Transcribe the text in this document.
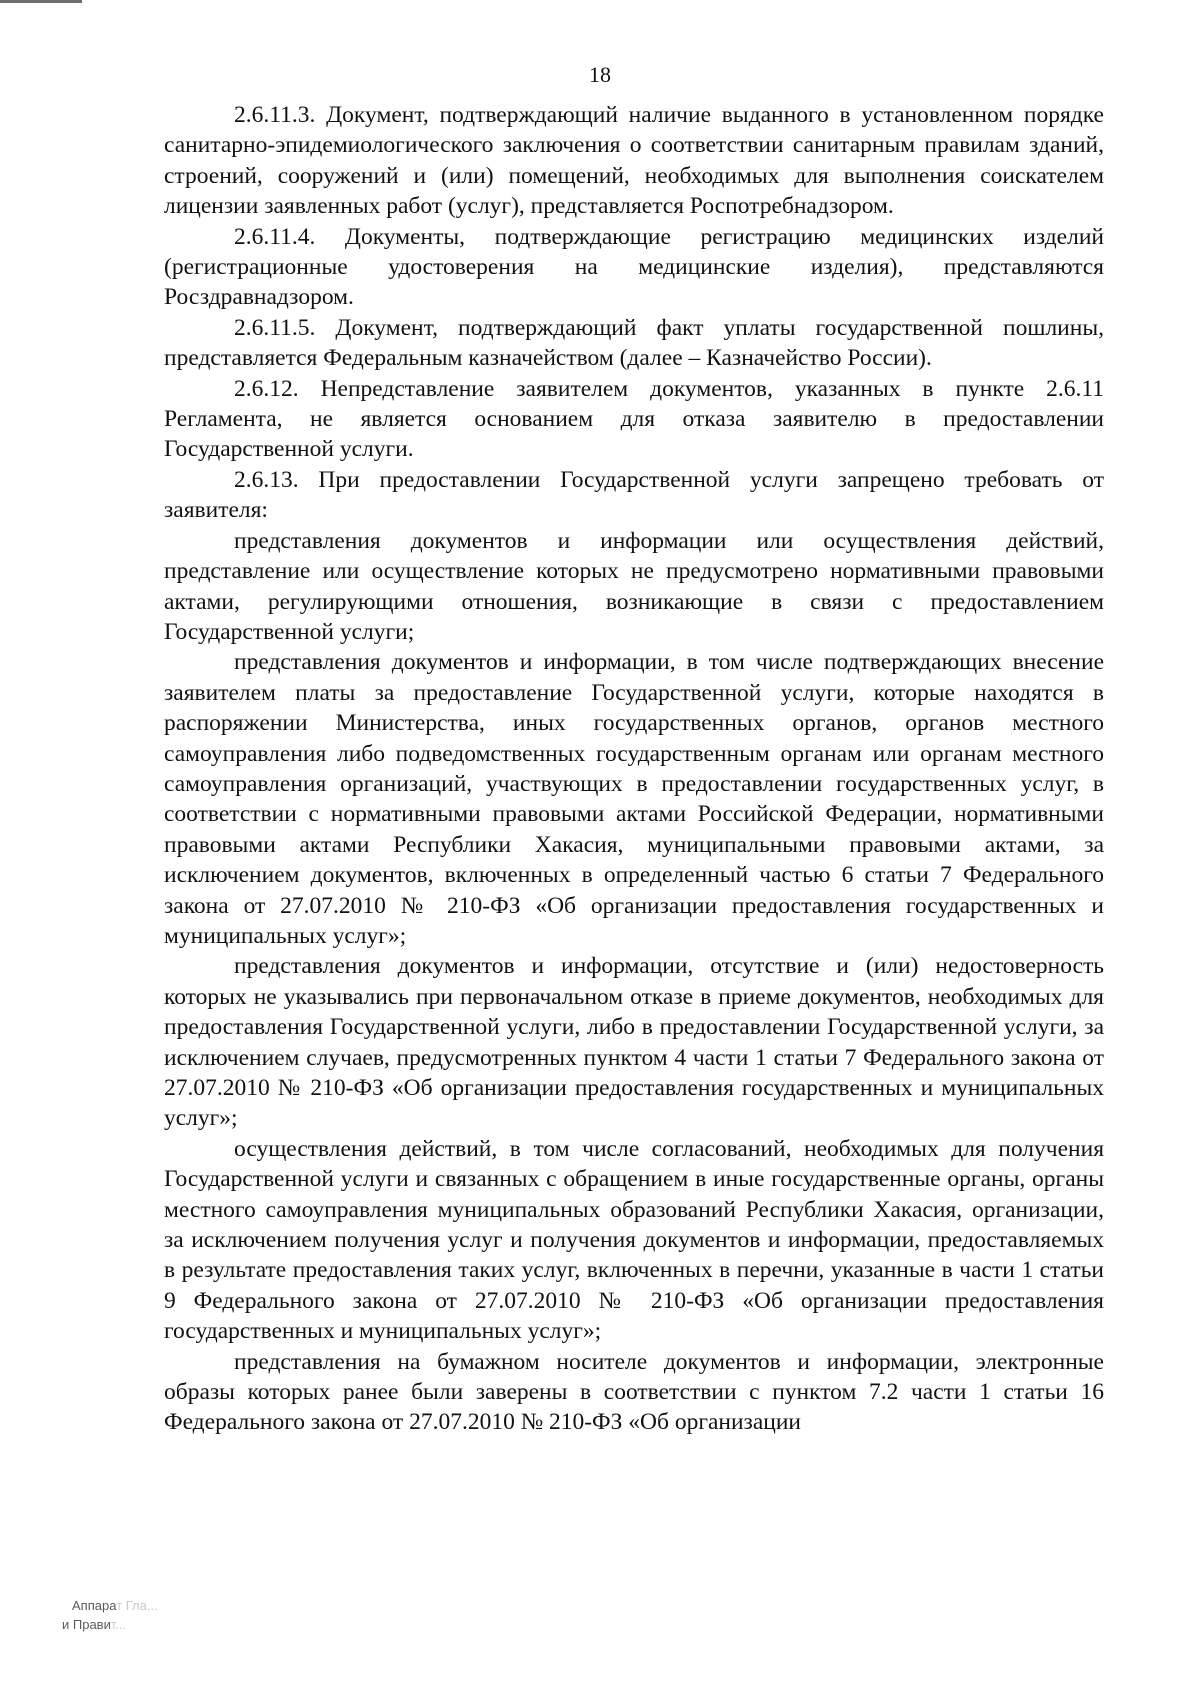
18

2.6.11.3. Документ, подтверждающий наличие выданного в установленном порядке санитарно-эпидемиологического заключения о соответствии санитарным правилам зданий, строений, сооружений и (или) помещений, необходимых для выполнения соискателем лицензии заявленных работ (услуг), представляется Роспотребнадзором.

2.6.11.4. Документы, подтверждающие регистрацию медицинских изделий (регистрационные удостоверения на медицинские изделия), представляются Росздравнадзором.

2.6.11.5. Документ, подтверждающий факт уплаты государственной пошлины, представляется Федеральным казначейством (далее – Казначейство России).

2.6.12. Непредставление заявителем документов, указанных в пункте 2.6.11 Регламента, не является основанием для отказа заявителю в предоставлении Государственной услуги.

2.6.13. При предоставлении Государственной услуги запрещено требовать от заявителя:

представления документов и информации или осуществления действий, представление или осуществление которых не предусмотрено нормативными правовыми актами, регулирующими отношения, возникающие в связи с предоставлением Государственной услуги;

представления документов и информации, в том числе подтверждающих внесение заявителем платы за предоставление Государственной услуги, которые находятся в распоряжении Министерства, иных государственных органов, органов местного самоуправления либо подведомственных государственным органам или органам местного самоуправления организаций, участвующих в предоставлении государственных услуг, в соответствии с нормативными правовыми актами Российской Федерации, нормативными правовыми актами Республики Хакасия, муниципальными правовыми актами, за исключением документов, включенных в определенный частью 6 статьи 7 Федерального закона от 27.07.2010 № 210-ФЗ «Об организации предоставления государственных и муниципальных услуг»;

представления документов и информации, отсутствие и (или) недостоверность которых не указывались при первоначальном отказе в приеме документов, необходимых для предоставления Государственной услуги, либо в предоставлении Государственной услуги, за исключением случаев, предусмотренных пунктом 4 части 1 статьи 7 Федерального закона от 27.07.2010 № 210-ФЗ «Об организации предоставления государственных и муниципальных услуг»;

осуществления действий, в том числе согласований, необходимых для получения Государственной услуги и связанных с обращением в иные государственные органы, органы местного самоуправления муниципальных образований Республики Хакасия, организации, за исключением получения услуг и получения документов и информации, предоставляемых в результате предоставления таких услуг, включенных в перечни, указанные в части 1 статьи 9 Федерального закона от 27.07.2010 № 210-ФЗ «Об организации предоставления государственных и муниципальных услуг»;

представления на бумажном носителе документов и информации, электронные образы которых ранее были заверены в соответствии с пунктом 7.2 части 1 статьи 16 Федерального закона от 27.07.2010 № 210-ФЗ «Об организации

Аппарат Гла...
и Правит...
